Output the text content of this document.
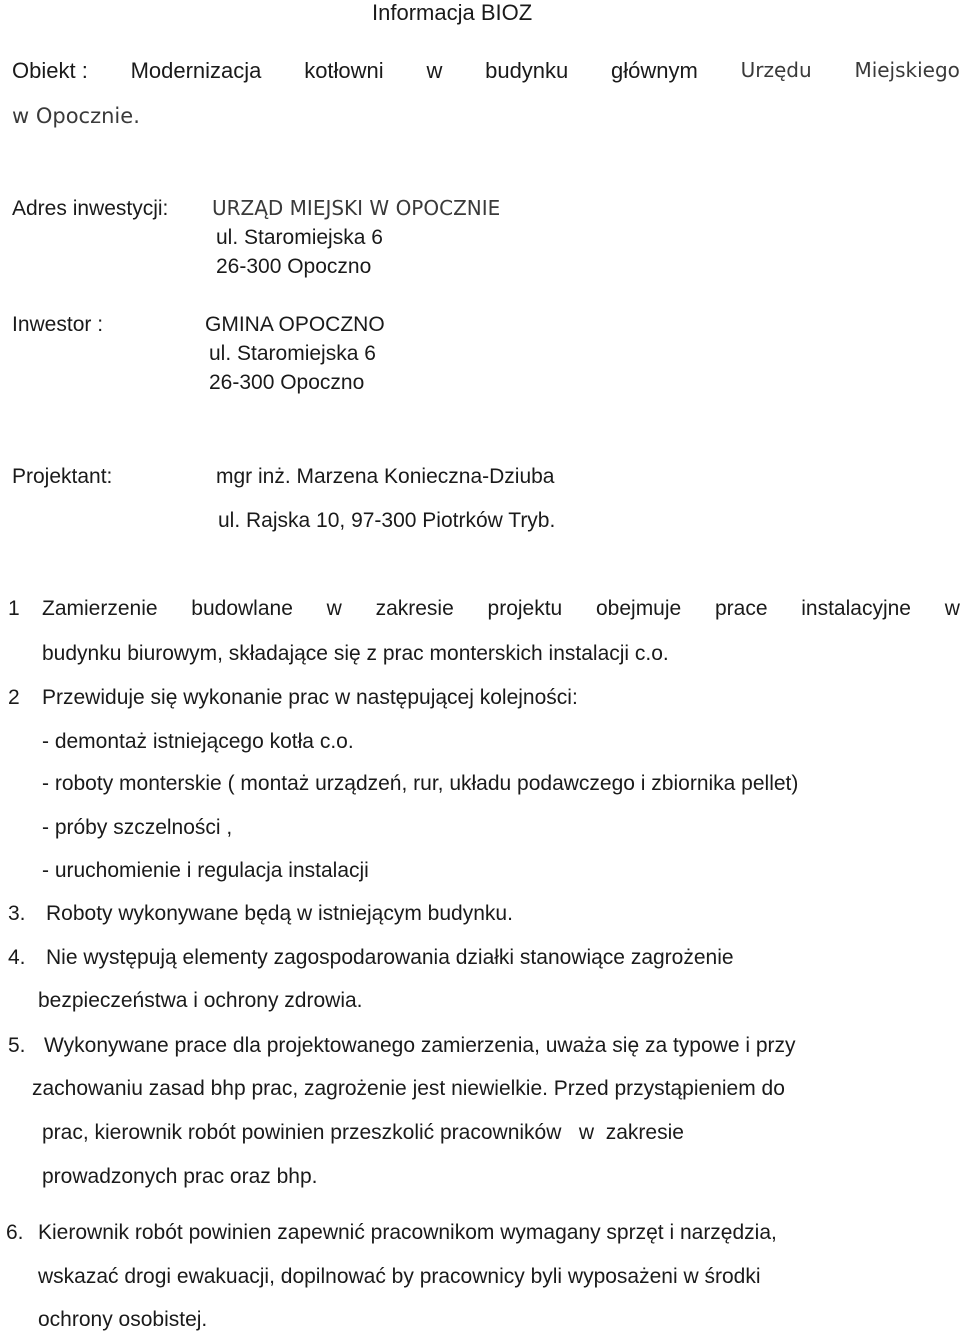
Informacja BIOZ
Obiekt : Modernizacja kotłowni w budynku głównym Urzędu Miejskiego
w Opocznie.
Adres inwestycji: URZĄD MIEJSKI W OPOCZNIE
ul. Staromiejska 6
26-300 Opoczno
Inwestor :	GMINA OPOCZNO
ul. Staromiejska 6
26-300 Opoczno
Projektant:	mgr inż. Marzena Konieczna-Dziuba
ul. Rajska 10, 97-300 Piotrków Tryb.
1 Zamierzenie budowlane w zakresie projektu obejmuje prace instalacyjne w
budynku biurowym, składające się z prac monterskich instalacji c.o.
2 Przewiduje się wykonanie prac w następującej kolejności:
- demontaż istniejącego kotła c.o.
- roboty monterskie ( montaż urządzeń, rur, układu podawczego i zbiornika pellet)
- próby szczelności ,
- uruchomienie i regulacja instalacji
3. Roboty wykonywane będą w istniejącym budynku.
4. Nie występują elementy zagospodarowania działki stanowiące zagrożenie
bezpieczeństwa i ochrony zdrowia.
5. Wykonywane prace dla projektowanego zamierzenia, uważa się za typowe i przy
zachowaniu zasad bhp prac, zagrożenie jest niewielkie. Przed przystąpieniem do
prac, kierownik robót powinien przeszkolić pracowników   w  zakresie
prowadzonych prac oraz bhp.
6. Kierownik robót powinien zapewnić pracownikom wymagany sprzęt i narzędzia,
wskazać drogi ewakuacji, dopilnować by pracownicy byli wyposażeni w środki
ochrony osobistej.
